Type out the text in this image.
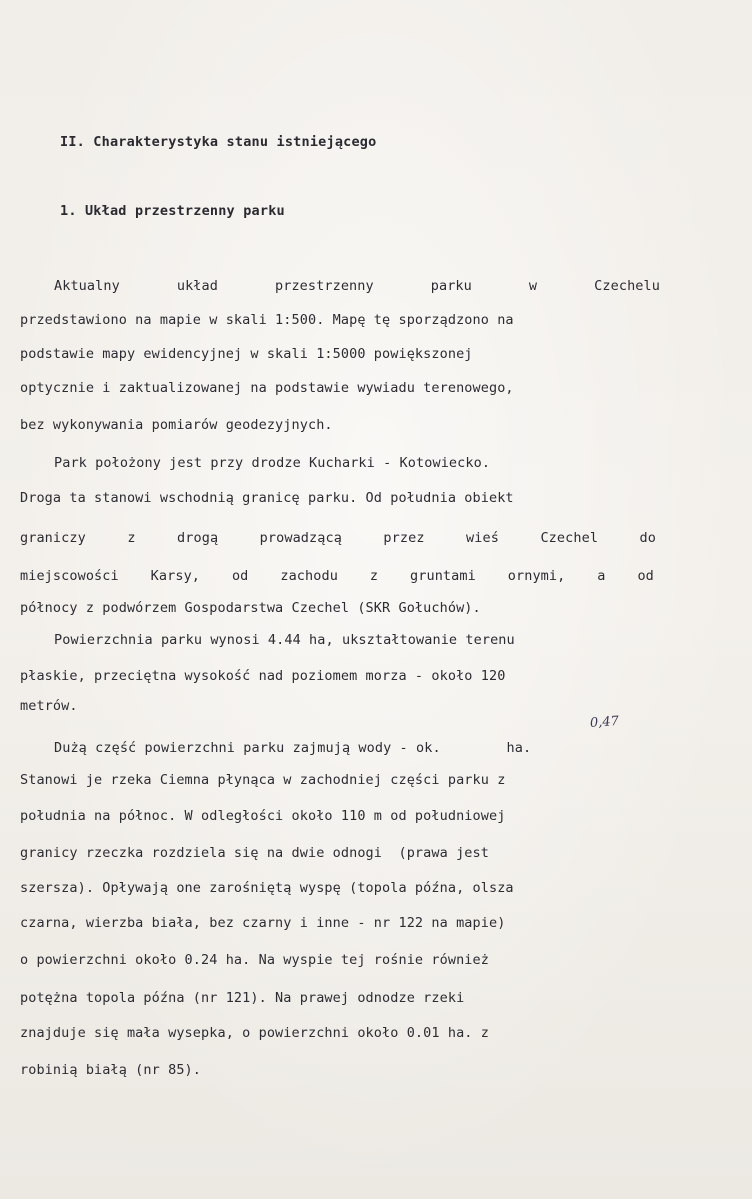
II. Charakterystyka stanu istniejącego
1. Układ przestrzenny parku
Aktualny	układ	przestrzenny	parku	w	Czechelu
przedstawiono na mapie w skali 1:500. Mapę tę sporządzono na
podstawie mapy ewidencyjnej w skali 1:5000 powiększonej
optycznie i zaktualizowanej na podstawie wywiadu terenowego,
bez wykonywania pomiarów geodezyjnych.
Park położony jest przy drodze Kucharki - Kotowiecko.
Droga ta stanowi wschodnią granicę parku. Od południa obiekt
graniczy	z	drogą	prowadzącą	przez	wieś	Czechel	do
miejscowości Karsy, od zachodu z gruntami ornymi, a od
północy z podwórzem Gospodarstwa Czechel (SKR Gołuchów).
Powierzchnia parku wynosi 4.44 ha, ukształtowanie terenu
płaskie, przeciętna wysokość nad poziomem morza - około 120
metrów.
Dużą część powierzchni parku zajmują wody - ok.        ha.
Stanowi je rzeka Ciemna płynąca w zachodniej części parku z
południa na północ. W odległości około 110 m od południowej
granicy rzeczka rozdziela się na dwie odnogi  (prawa jest
szersza). Opływają one zarośniętą wyspę (topola późna, olsza
czarna, wierzba biała, bez czarny i inne - nr 122 na mapie)
o powierzchni około 0.24 ha. Na wyspie tej rośnie również
potężna topola późna (nr 121). Na prawej odnodze rzeki
znajduje się mała wysepka, o powierzchni około 0.01 ha. z
robinią białą (nr 85).
0,47
